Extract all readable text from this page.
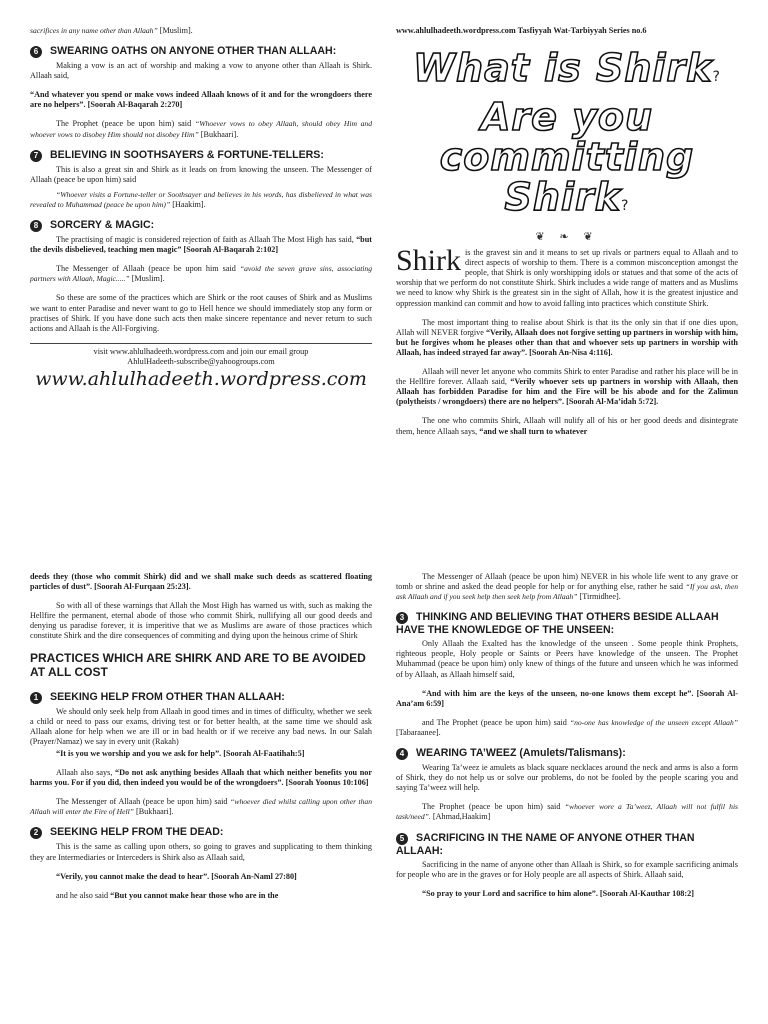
www.ahlulhadeeth.wordpress.com Tasfiyyah Wat-Tarbiyyah Series no.6

sacrifices in any name other than Allaah” [Muslim].

6 SWEARING OATHS ON ANYONE OTHER THAN ALLAAH:

Making a vow is an act of worship and making a vow to anyone other than Allaah is Shirk. Allaah said,

“And whatever you spend or make vows indeed Allaah knows of it and for the wrongdoers there are no helpers”. [Soorah Al-Baqarah 2:270]

The Prophet (peace be upon him) said “Whoever vows to obey Allaah, should obey Him and whoever vows to disobey Him should not disobey Him” [Bukhaari].

7 BELIEVING IN SOOTHSAYERS & FORTUNE-TELLERS:

This is also a great sin and Shirk as it leads on from knowing the unseen. The Messenger of Allaah (peace be upon him) said

“Whoever visits a Fortune-teller or Soothsayer and believes in his words, has disbelieved in what was revealed to Muhammad (peace be upon him)” [Haakim].

8 SORCERY & MAGIC:

The practising of magic is considered rejection of faith as Allaah The Most High has said, “but the devils disbelieved, teaching men magic” [Soorah Al-Baqarah 2:102]

The Messenger of Allaah (peace be upon him said “avoid the seven grave sins, associating partners with Allaah, Magic.....” [Muslim].

So these are some of the practices which are Shirk or the root causes of Shirk and as Muslims we want to enter Paradise and never want to go to Hell hence we should immediately stop any form or practises of Shirk. If you have done such acts then make sincere repentance and never return to such actions and Allaah is the All-Forgiving.

visit www.ahlulhadeeth.wordpress.com and join our email group
AhlulHadeeth-subscribe@yahoogroups.com
www.ahlulhadeeth.wordpress.com
What is Shirk?
Are you
committing Shirk?
❦ ❧ ❦

Shirk is the gravest sin and it means to set up rivals or partners equal to Allaah and to direct aspects of worship to them. There is a common misconception amongst the people, that Shirk is only worshipping idols or statues and that some of the acts of worship that we perform do not constitute Shirk. Shirk includes a wide range of matters and as Muslims we need to know why Shirk is the greatest sin in the sight of Allah, how it is the greatest injustice and oppression mankind can commit and how to avoid falling into practices which constitute Shirk.

The most important thing to realise about Shirk is that its the only sin that if one dies upon, Allah will NEVER forgive “Verily, Allaah does not forgive setting up partners in worship with him, but he forgives whom he pleases other than that and whoever sets up partners in worship with Allaah, has indeed strayed far away”. [Soorah An-Nisa 4:116].

Allaah will never let anyone who commits Shirk to enter Paradise and rather his place will be in the Hellfire forever. Allaah said, “Verily whoever sets up partners in worship with Allaah, then Allaah has forbidden Paradise for him and the Fire will be his abode and for the Zalimun (polytheists / wrongdoers) there are no helpers”. [Soorah Al-Ma’idah 5:72].

The one who commits Shirk, Allaah will nulify all of his or her good deeds and disintegrate them, hence Allaah says, “and we shall turn to whatever

deeds they (those who commit Shirk) did and we shall make such deeds as scattered floating particles of dust”. [Soorah Al-Furqaan 25:23].

So with all of these warnings that Allah the Most High has warned us with, such as making the Hellfire the permanent, eternal abode of those who commit Shirk, nullifying all our good deeds and denying us paradise forever, it is imperitive that we as Muslims are aware of those practices which constitute Shirk and the dire consequences of commiting and dying upon the heinous crime of Shirk

PRACTICES WHICH ARE SHIRK AND ARE TO BE AVOIDED AT ALL COST
1 SEEKING HELP FROM OTHER THAN ALLAAH:

We should only seek help from Allaah in good times and in times of difficulty, whether we seek a child or need to pass our exams, driving test or for better health, at the same time we should ask Allaah alone for help when we are ill or in bad health or if we receive any bad news. In our Salah (Prayer/Namaz) we say in every unit (Rakah)

“It is you we worship and you we ask for help”. [Soorah Al-Faatihah:5]

Allaah also says, “Do not ask anything besides Allaah that which neither benefits you nor harms you. For if you did, then indeed you would be of the wrongdoers”. [Soorah Yoonus 10:106]

The Messenger of Allaah (peace be upon him) said “whoever died whilst calling upon other than Allaah will enter the Fire of Hell” [Bukhaari].

2 SEEKING HELP FROM THE DEAD:

This is the same as calling upon others, so going to graves and supplicating to them thinking they are Intermediaries or Interceders is Shirk also as Allaah said,

“Verily, you cannot make the dead to hear”. [Soorah An-Naml 27:80]

and he also said “But you cannot make hear those who are in the

The Messenger of Allaah (peace be upon him) NEVER in his whole life went to any grave or tomb or shrine and asked the dead people for help or for anything else, rather he said “If you ask, then ask Allaah and if you seek help then seek help from Allaah” [Tirmidhee].

3 THINKING AND BELIEVING THAT OTHERS BESIDE ALLAAH HAVE THE KNOWLEDGE OF THE UNSEEN:

Only Allaah the Exalted has the knowledge of the unseen . Some people think Prophets, righteous people, Holy people or Saints or Peers have knowledge of the unseen. The Prophet Muhammad (peace be upon him) only knew of things of the future and unseen which he was informed of by Allaah, as Allaah himself said,

“And with him are the keys of the unseen, no-one knows them except he”. [Soorah Al-Ana’am 6:59]

and The Prophet (peace be upon him) said “no-one has knowledge of the unseen except Allaah” [Tabaraanee].

4 WEARING TA’WEEZ (Amulets/Talismans):

Wearing Ta’weez ie amulets as black square necklaces around the neck and arms is also a form of Shirk, they do not help us or solve our problems, do not be fooled by the people scaring you and saying Ta’weez will help.

The Prophet (peace be upon him) said “whoever wore a Ta’weez, Allaah will not fulfil his task/need”. [Ahmad,Haakim]

5 SACRIFICING IN THE NAME OF ANYONE OTHER THAN ALLAAH:

Sacrificing in the name of anyone other than Allaah is Shirk, so for example sacrificing animals for people who are in the graves or for Holy people are all aspects of Shirk. Allaah said,

“So pray to your Lord and sacrifice to him alone”. [Soorah Al-Kauthar 108:2]
